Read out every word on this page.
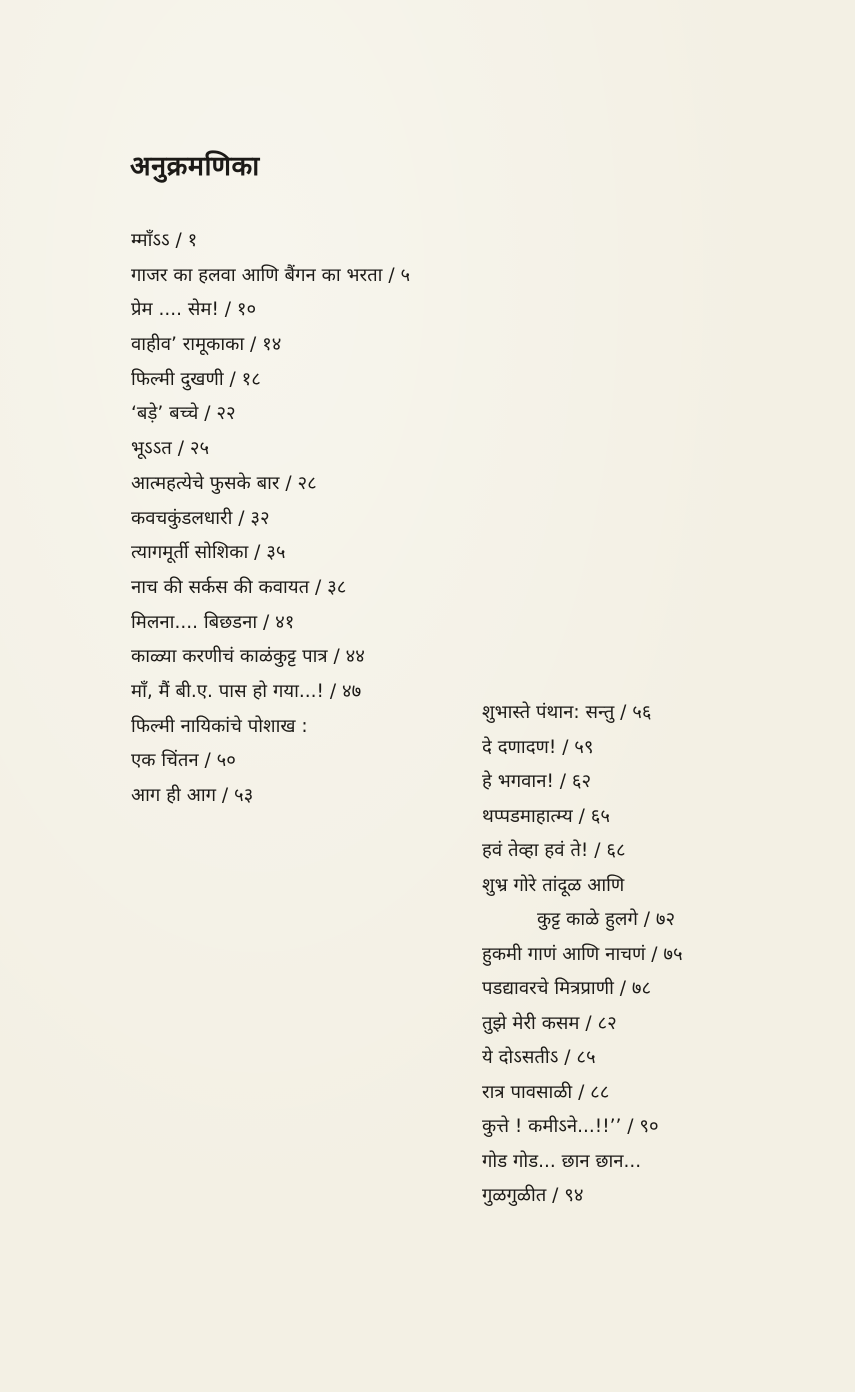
अनुक्रमणिका
म्माँऽऽ / १
गाजर का हलवा आणि बैंगन का भरता / ५
प्रेम .... सेम! / १०
वाहीव’ रामूकाका / १४
फिल्मी दुखणी / १८
‘बड़े’ बच्चे / २२
भूऽऽत / २५
आत्महत्येचे फुसके बार / २८
कवचकुंडलधारी / ३२
त्यागमूर्ती सोशिका / ३५
नाच की सर्कस की कवायत / ३८
मिलना.... बिछडना / ४१
काळ्या करणीचं काळंकुट्ट पात्र / ४४
माँ, मैं बी.ए. पास हो गया...! / ४७
फिल्मी नायिकांचे पोशाख :
एक चिंतन / ५०
आग ही आग / ५३
शुभास्ते पंथान: सन्तु / ५६
दे दणादण! / ५९
हे भगवान! / ६२
थप्पडमाहात्म्य / ६५
हवं तेव्हा हवं ते! / ६८
शुभ्र गोरे तांदूळ आणि
कुट्ट काळे हुलगे / ७२
हुकमी गाणं आणि नाचणं / ७५
पडद्यावरचे मित्रप्राणी / ७८
तुझे मेरी कसम / ८२
ये दोऽसतीऽ / ८५
रात्र पावसाळी / ८८
कुत्ते ! कमीऽने...!!’’ / ९०
गोड गोड... छान छान...
गुळगुळीत / ९४
